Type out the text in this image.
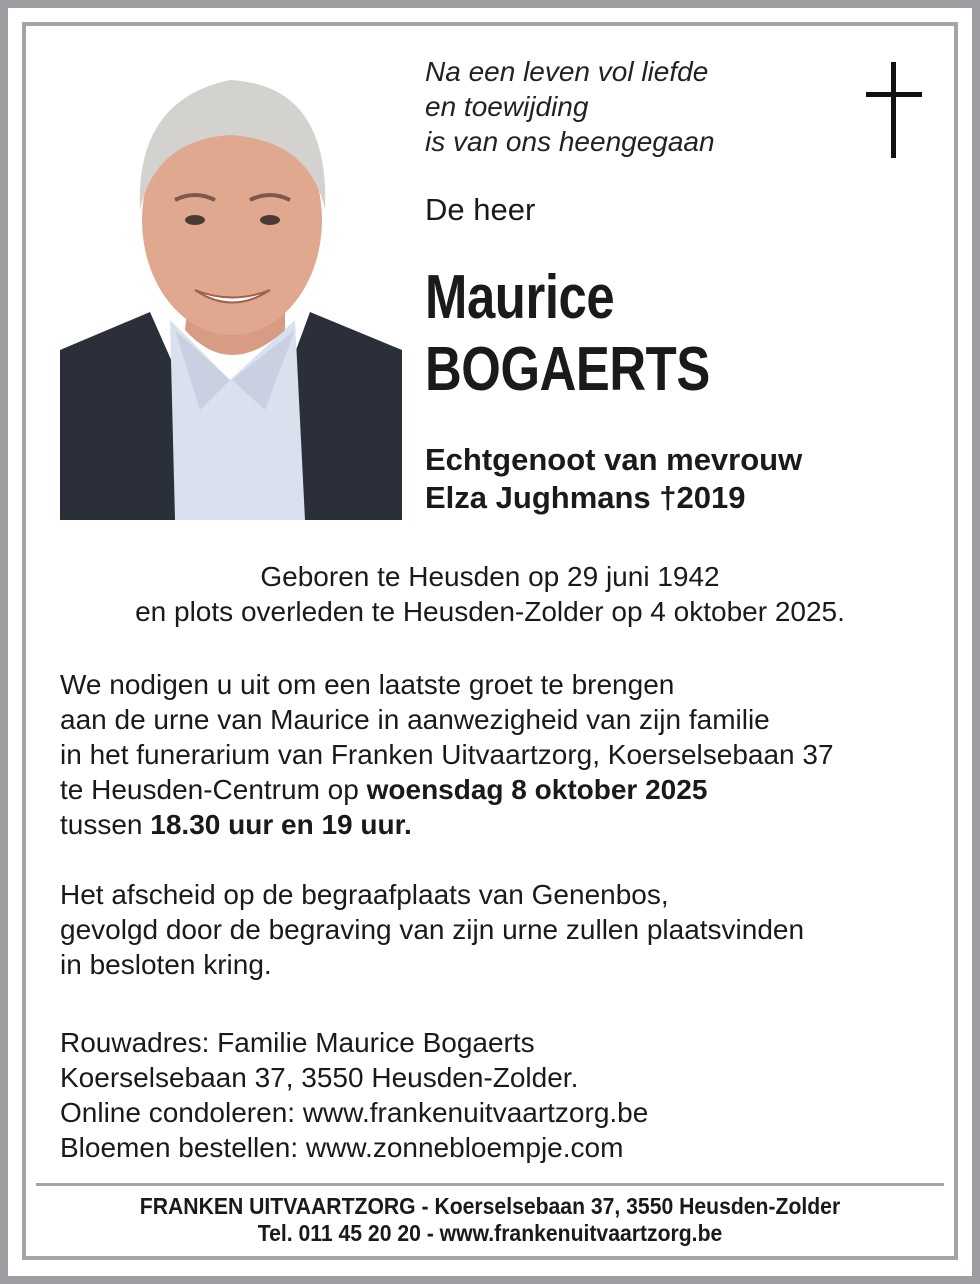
Na een leven vol liefde
en toewijding
is van ons heengegaan
De heer
Maurice
BOGAERTS
Echtgenoot van mevrouw
Elza Jughmans †2019
Geboren te Heusden op 29 juni 1942
en plots overleden te Heusden-Zolder op 4 oktober 2025.
We nodigen u uit om een laatste groet te brengen
aan de urne van Maurice in aanwezigheid van zijn familie
in het funerarium van Franken Uitvaartzorg, Koerselsebaan 37
te Heusden-Centrum op woensdag 8 oktober 2025
tussen 18.30 uur en 19 uur.
Het afscheid op de begraafplaats van Genenbos,
gevolgd door de begraving van zijn urne zullen plaatsvinden
in besloten kring.
Rouwadres: Familie Maurice Bogaerts
Koerselsebaan 37, 3550 Heusden-Zolder.
Online condoleren: www.frankenuitvaartzorg.be
Bloemen bestellen: www.zonnebloempje.com
FRANKEN UITVAARTZORG - Koerselsebaan 37, 3550 Heusden-Zolder
Tel. 011 45 20 20 - www.frankenuitvaartzorg.be
